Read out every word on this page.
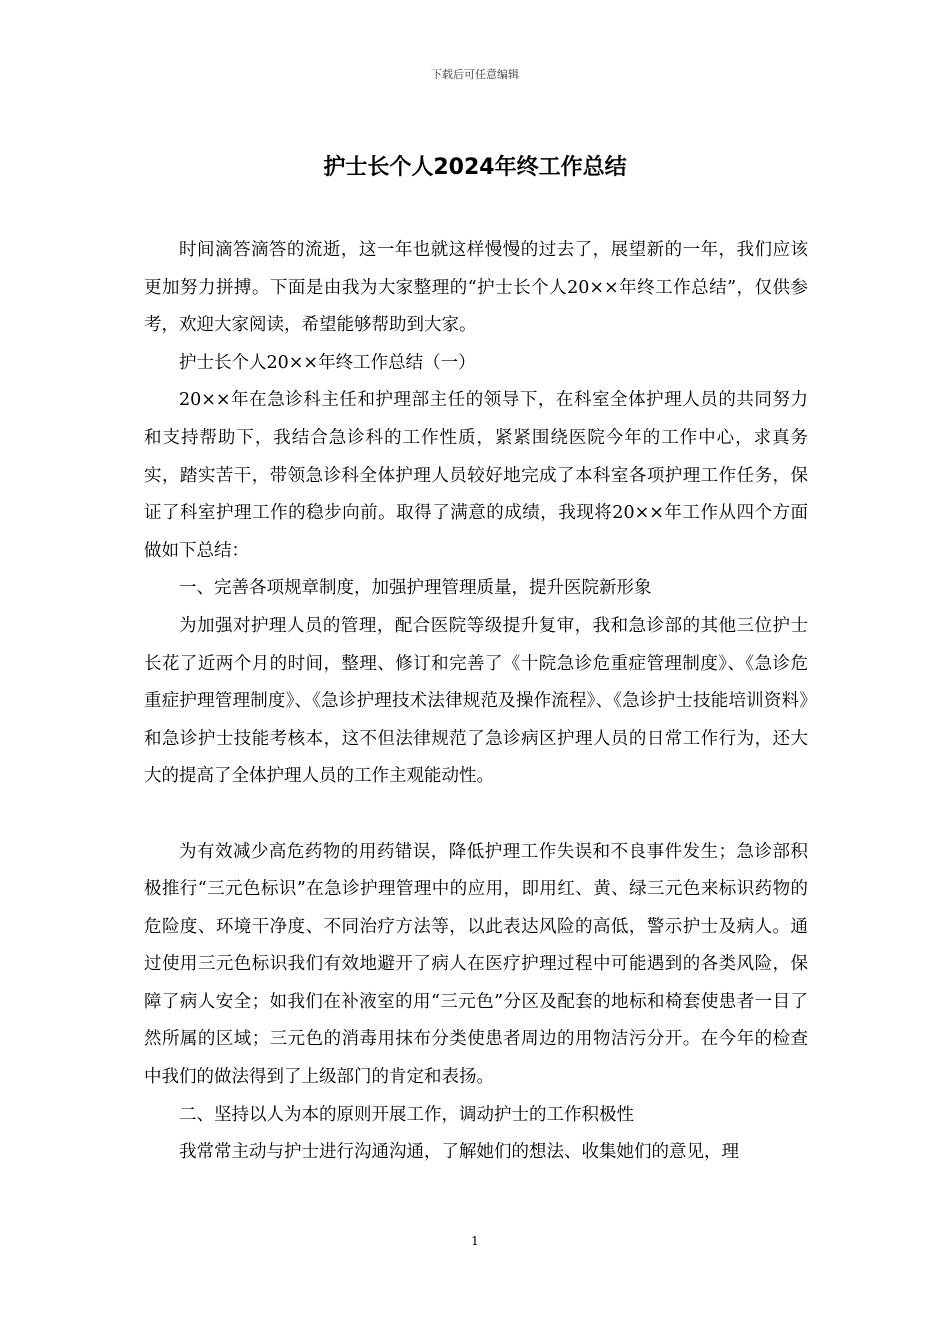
下载后可任意编辑
护士长个人2024年终工作总结

时间滴答滴答的流逝，这一年也就这样慢慢的过去了，展望新的一年，我们应该更加努力拼搏。下面是由我为大家整理的“护士长个人20××年终工作总结”，仅供参考，欢迎大家阅读，希望能够帮助到大家。

护士长个人20××年终工作总结（一）

20××年在急诊科主任和护理部主任的领导下，在科室全体护理人员的共同努力和支持帮助下，我结合急诊科的工作性质，紧紧围绕医院今年的工作中心，求真务实，踏实苦干，带领急诊科全体护理人员较好地完成了本科室各项护理工作任务，保证了科室护理工作的稳步向前。取得了满意的成绩，我现将20××年工作从四个方面做如下总结：

一、完善各项规章制度，加强护理管理质量，提升医院新形象

为加强对护理人员的管理，配合医院等级提升复审，我和急诊部的其他三位护士长花了近两个月的时间，整理、修订和完善了《十院急诊危重症管理制度》、《急诊危重症护理管理制度》、《急诊护理技术法律规范及操作流程》、《急诊护士技能培训资料》和急诊护士技能考核本，这不但法律规范了急诊病区护理人员的日常工作行为，还大大的提高了全体护理人员的工作主观能动性。

为有效减少高危药物的用药错误，降低护理工作失误和不良事件发生；急诊部积极推行“三元色标识”在急诊护理管理中的应用，即用红、黄、绿三元色来标识药物的危险度、环境干净度、不同治疗方法等，以此表达风险的高低，警示护士及病人。通过使用三元色标识我们有效地避开了病人在医疗护理过程中可能遇到的各类风险，保障了病人安全；如我们在补液室的用“三元色”分区及配套的地标和椅套使患者一目了然所属的区域；三元色的消毒用抹布分类使患者周边的用物洁污分开。在今年的检查中我们的做法得到了上级部门的肯定和表扬。

二、坚持以人为本的原则开展工作，调动护士的工作积极性

我常常主动与护士进行沟通沟通，了解她们的想法、收集她们的意见，理

1
